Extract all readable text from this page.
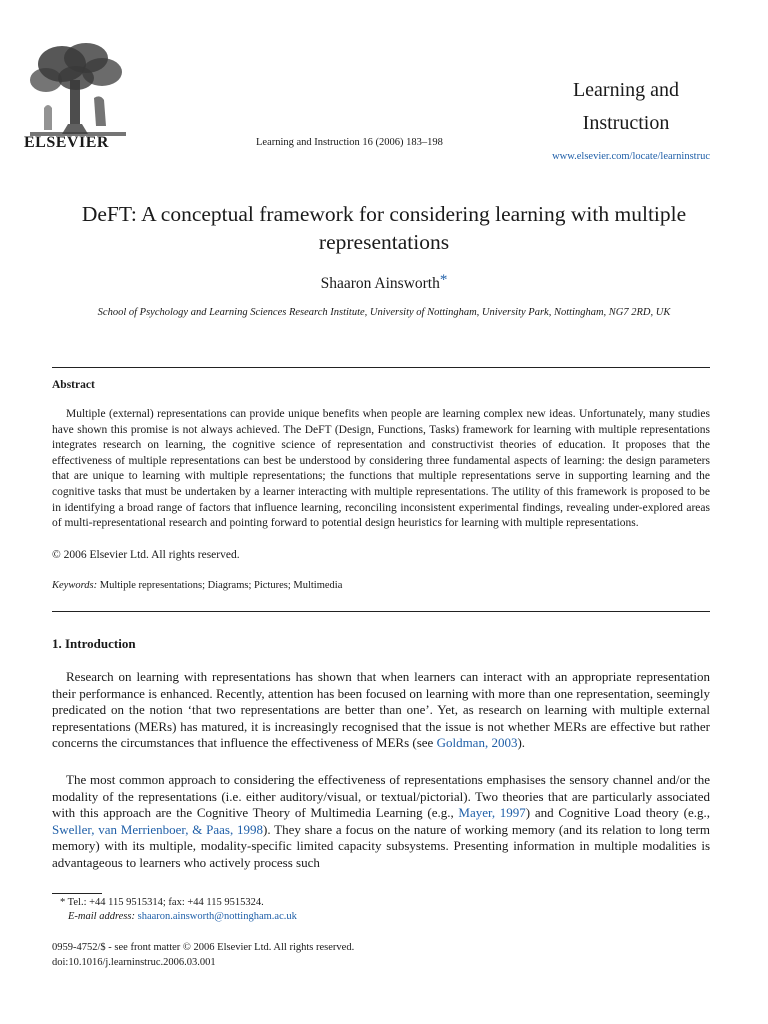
ELSEVIER	Learning and Instruction 16 (2006) 183–198
Learning and
Instruction
www.elsevier.com/locate/learninstruc
DeFT: A conceptual framework for considering learning with multiple representations
Shaaron Ainsworth*
School of Psychology and Learning Sciences Research Institute, University of Nottingham, University Park, Nottingham, NG7 2RD, UK
Abstract
Multiple (external) representations can provide unique benefits when people are learning complex new ideas. Unfortunately, many studies have shown this promise is not always achieved. The DeFT (Design, Functions, Tasks) framework for learning with multiple representations integrates research on learning, the cognitive science of representation and constructivist theories of education. It proposes that the effectiveness of multiple representations can best be understood by considering three fundamental aspects of learning: the design parameters that are unique to learning with multiple representations; the functions that multiple representations serve in supporting learning and the cognitive tasks that must be undertaken by a learner interacting with multiple representations. The utility of this framework is proposed to be in identifying a broad range of factors that influence learning, reconciling inconsistent experimental findings, revealing under-explored areas of multi-representational research and pointing forward to potential design heuristics for learning with multiple representations.
© 2006 Elsevier Ltd. All rights reserved.
Keywords: Multiple representations; Diagrams; Pictures; Multimedia
1. Introduction
Research on learning with representations has shown that when learners can interact with an appropriate representation their performance is enhanced. Recently, attention has been focused on learning with more than one representation, seemingly predicated on the notion ‘that two representations are better than one’. Yet, as research on learning with multiple external representations (MERs) has matured, it is increasingly recognised that the issue is not whether MERs are effective but rather concerns the circumstances that influence the effectiveness of MERs (see Goldman, 2003).
The most common approach to considering the effectiveness of representations emphasises the sensory channel and/or the modality of the representations (i.e. either auditory/visual, or textual/pictorial). Two theories that are particularly associated with this approach are the Cognitive Theory of Multimedia Learning (e.g., Mayer, 1997) and Cognitive Load theory (e.g., Sweller, van Merrienboer, & Paas, 1998). They share a focus on the nature of working memory (and its relation to long term memory) with its multiple, modality-specific limited capacity subsystems. Presenting information in multiple modalities is advantageous to learners who actively process such
* Tel.: +44 115 9515314; fax: +44 115 9515324.
E-mail address: shaaron.ainsworth@nottingham.ac.uk
0959-4752/$ - see front matter © 2006 Elsevier Ltd. All rights reserved.
doi:10.1016/j.learninstruc.2006.03.001
